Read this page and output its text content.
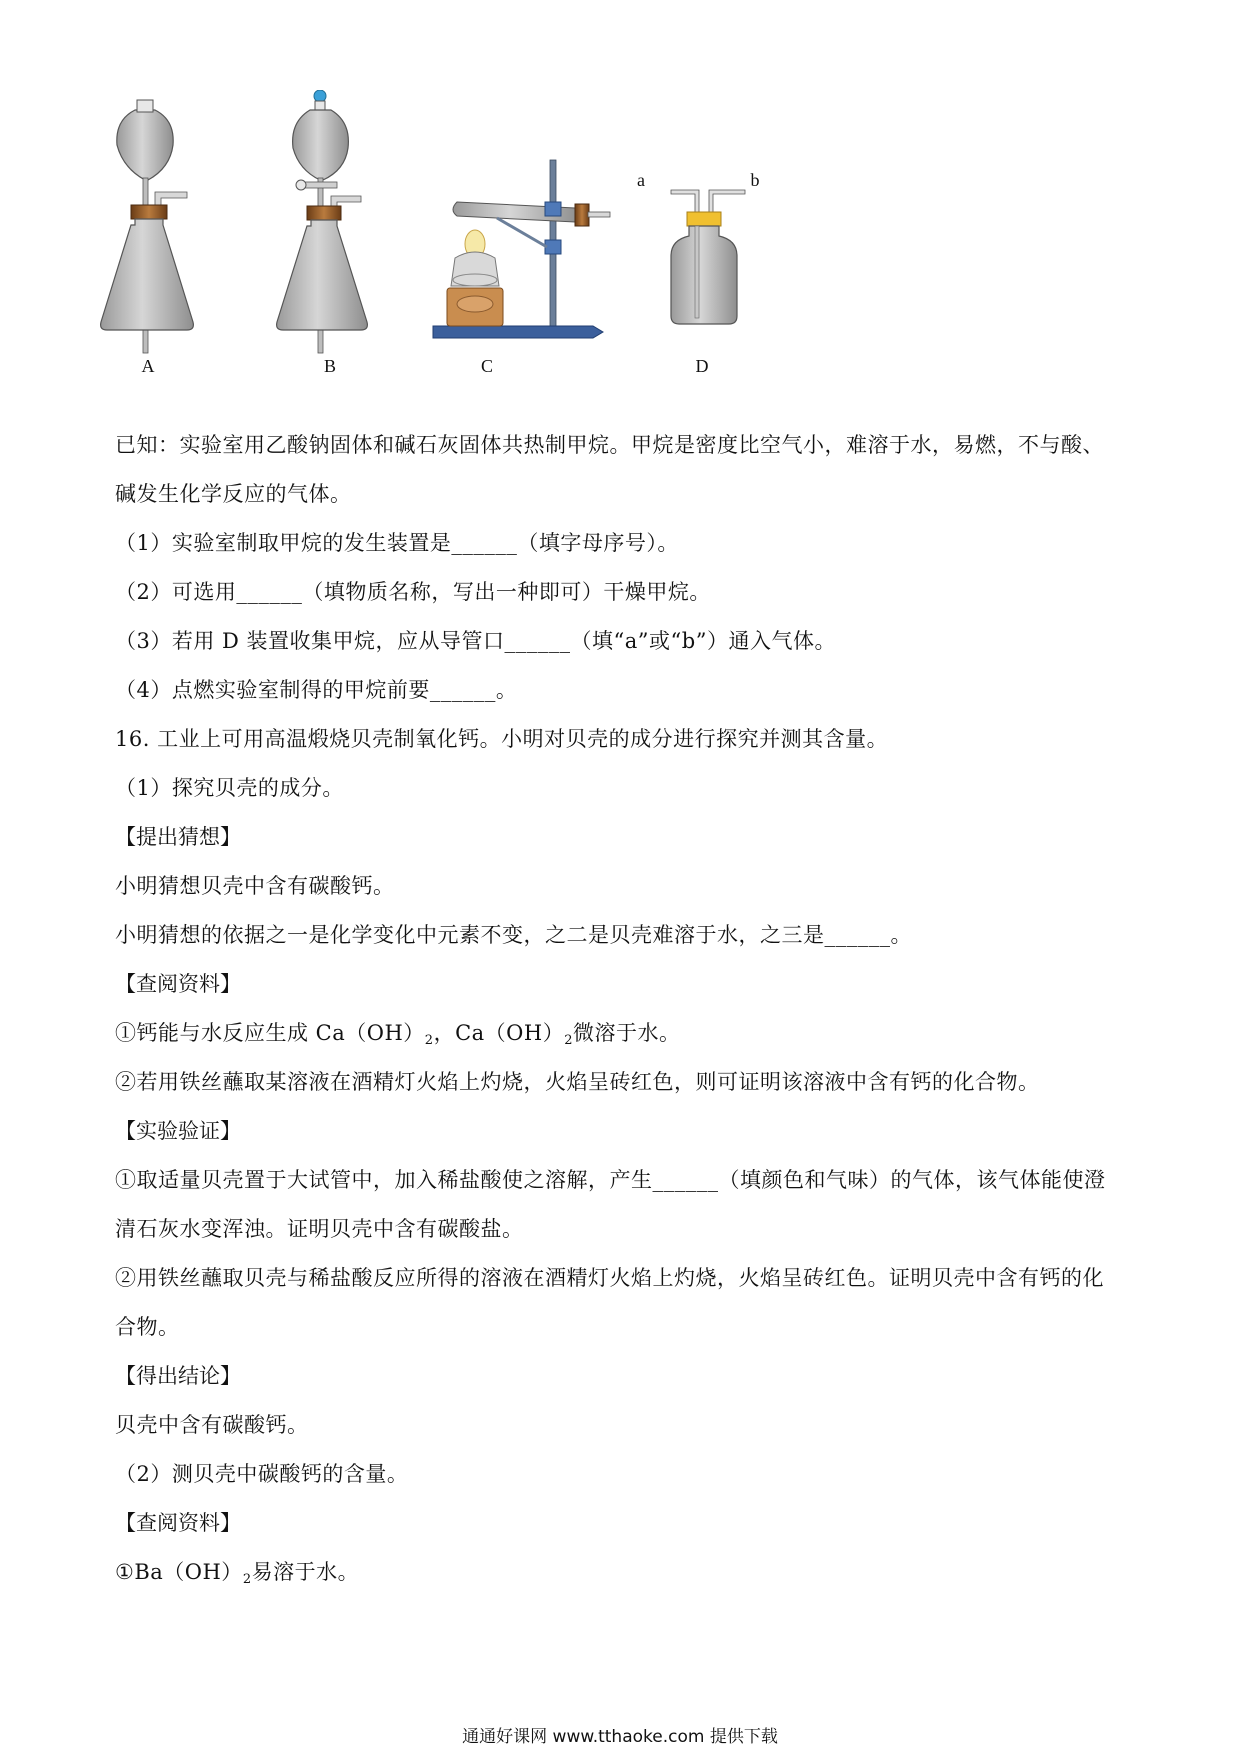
a	b
A	B	C	D
已知：实验室用乙酸钠固体和碱石灰固体共热制甲烷。甲烷是密度比空气小，难溶于水，易燃，不与酸、
碱发生化学反应的气体。
（1）实验室制取甲烷的发生装置是______（填字母序号）。
（2）可选用______（填物质名称，写出一种即可）干燥甲烷。
（3）若用 D 装置收集甲烷，应从导管口______（填“a”或“b”）通入气体。
（4）点燃实验室制得的甲烷前要______。
16. 工业上可用高温煅烧贝壳制氧化钙。小明对贝壳的成分进行探究并测其含量。
（1）探究贝壳的成分。
【提出猜想】
小明猜想贝壳中含有碳酸钙。
小明猜想的依据之一是化学变化中元素不变，之二是贝壳难溶于水，之三是______。
【查阅资料】
①钙能与水反应生成 $Ca(OH)_2$，$Ca(OH)_2$微溶于水。
②若用铁丝蘸取某溶液在酒精灯火焰上灼烧，火焰呈砖红色，则可证明该溶液中含有钙的化合物。
【实验验证】
①取适量贝壳置于大试管中，加入稀盐酸使之溶解，产生______（填颜色和气味）的气体，该气体能使澄
清石灰水变浑浊。证明贝壳中含有碳酸盐。
②用铁丝蘸取贝壳与稀盐酸反应所得的溶液在酒精灯火焰上灼烧，火焰呈砖红色。证明贝壳中含有钙的化
合物。
【得出结论】
贝壳中含有碳酸钙。
（2）测贝壳中碳酸钙的含量。
【查阅资料】
$①Ba(OH)_2$易溶于水。
通通好课网 www.tthaoke.com 提供下载
